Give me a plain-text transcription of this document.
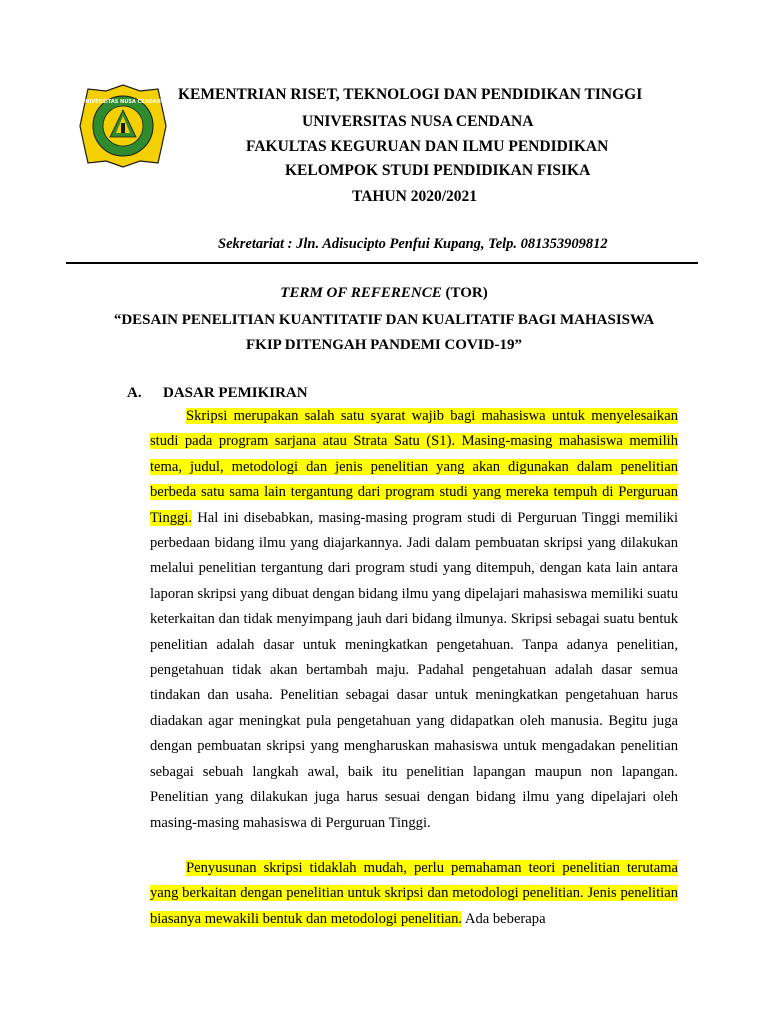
UNIVERSITAS NUSA CENDANA KEMENTRIAN RISET, TEKNOLOGI DAN PENDIDIKAN TINGGI
UNIVERSITAS NUSA CENDANA
FAKULTAS KEGURUAN DAN ILMU PENDIDIKAN
KELOMPOK STUDI PENDIDIKAN FISIKA
TAHUN 2020/2021
Sekretariat : Jln. Adisucipto Penfui Kupang, Telp. 081353909812
TERM OF REFERENCE (TOR)
“DESAIN PENELITIAN KUANTITATIF DAN KUALITATIF BAGI MAHASISWA
FKIP DITENGAH PANDEMI COVID-19”
A. DASAR PEMIKIRAN

Skripsi merupakan salah satu syarat wajib bagi mahasiswa untuk menyelesaikan studi pada program sarjana atau Strata Satu (S1). Masing-masing mahasiswa memilih tema, judul, metodologi dan jenis penelitian yang akan digunakan dalam penelitian berbeda satu sama lain tergantung dari program studi yang mereka tempuh di Perguruan Tinggi. Hal ini disebabkan, masing-masing program studi di Perguruan Tinggi memiliki perbedaan bidang ilmu yang diajarkannya. Jadi dalam pembuatan skripsi yang dilakukan melalui penelitian tergantung dari program studi yang ditempuh, dengan kata lain antara laporan skripsi yang dibuat dengan bidang ilmu yang dipelajari mahasiswa memiliki suatu keterkaitan dan tidak menyimpang jauh dari bidang ilmunya. Skripsi sebagai suatu bentuk penelitian adalah dasar untuk meningkatkan pengetahuan. Tanpa adanya penelitian, pengetahuan tidak akan bertambah maju. Padahal pengetahuan adalah dasar semua tindakan dan usaha. Penelitian sebagai dasar untuk meningkatkan pengetahuan harus diadakan agar meningkat pula pengetahuan yang didapatkan oleh manusia. Begitu juga dengan pembuatan skripsi yang mengharuskan mahasiswa untuk mengadakan penelitian sebagai sebuah langkah awal, baik itu penelitian lapangan maupun non lapangan. Penelitian yang dilakukan juga harus sesuai dengan bidang ilmu yang dipelajari oleh masing-masing mahasiswa di Perguruan Tinggi.

Penyusunan skripsi tidaklah mudah, perlu pemahaman teori penelitian terutama yang berkaitan dengan penelitian untuk skripsi dan metodologi penelitian. Jenis penelitian biasanya mewakili bentuk dan metodologi penelitian. Ada beberapa
